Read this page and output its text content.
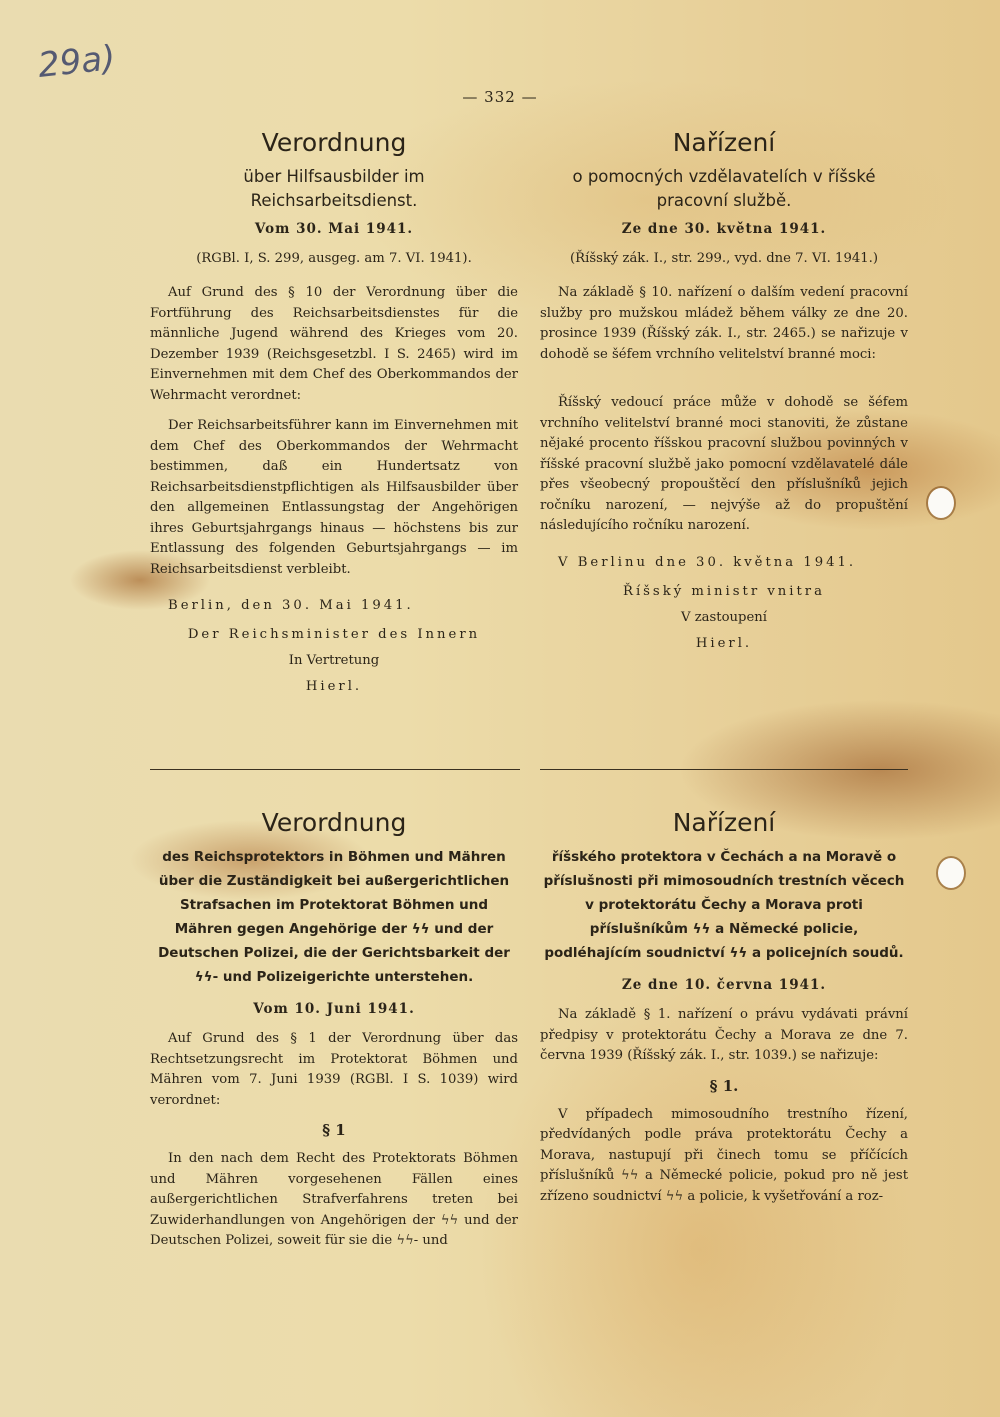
29a)
— 332 —
Verordnung
über Hilfsausbilder im Reichsarbeitsdienst.
Vom 30. Mai 1941.
(RGBl. I, S. 299, ausgeg. am 7. VI. 1941).

Auf Grund des § 10 der Verordnung über die Fortführung des Reichsarbeitsdienstes für die männliche Jugend während des Krieges vom 20. Dezember 1939 (Reichsgesetzbl. I S. 2465) wird im Einvernehmen mit dem Chef des Oberkommandos der Wehrmacht verordnet:

Der Reichsarbeitsführer kann im Einvernehmen mit dem Chef des Oberkommandos der Wehrmacht bestimmen, daß ein Hundertsatz von Reichsarbeitsdienstpflichtigen als Hilfsausbilder über den allgemeinen Entlassungstag der Angehörigen ihres Geburtsjahrgangs hinaus — höchstens bis zur Entlassung des folgenden Geburtsjahrgangs — im Reichsarbeitsdienst verbleibt.

Berlin, den 30. Mai 1941.
Der Reichsminister des Innern
In Vertretung
Hierl.
Nařízení
o pomocných vzdělavatelích v říšské pracovní službě.
Ze dne 30. května 1941.
(Říšský zák. I., str. 299., vyd. dne 7. VI. 1941.)

Na základě § 10. nařízení o dalším vedení pracovní služby pro mužskou mládež během války ze dne 20. prosince 1939 (Říšský zák. I., str. 2465.) se nařizuje v dohodě se šéfem vrchního velitelství branné moci:

Říšský vedoucí práce může v dohodě se šéfem vrchního velitelství branné moci stanoviti, že zůstane nějaké procento říšskou pracovní službou povinných v říšské pracovní službě jako pomocní vzdělavatelé dále přes všeobecný propouštěcí den příslušníků jejich ročníku narození, — nejvýše až do propuštění následujícího ročníku narození.

V Berlinu dne 30. května 1941.
Říšský ministr vnitra
V zastoupení
Hierl.
Verordnung
des Reichsprotektors in Böhmen und Mähren über die Zuständigkeit bei außergerichtlichen Strafsachen im Protektorat Böhmen und Mähren gegen Angehörige der ϟϟ und der Deutschen Polizei, die der Gerichtsbarkeit der ϟϟ- und Polizeigerichte unterstehen.
Vom 10. Juni 1941.

Auf Grund des § 1 der Verordnung über das Rechtsetzungsrecht im Protektorat Böhmen und Mähren vom 7. Juni 1939 (RGBl. I S. 1039) wird verordnet:

§ 1

In den nach dem Recht des Protektorats Böhmen und Mähren vorgesehenen Fällen eines außergerichtlichen Strafverfahrens treten bei Zuwiderhandlungen von Angehörigen der ϟϟ und der Deutschen Polizei, soweit für sie die ϟϟ- und

Nařízení
říšského protektora v Čechách a na Moravě o příslušnosti při mimosoudních trestních věcech v protektorátu Čechy a Morava proti příslušníkům ϟϟ a Německé policie, podléhajícím soudnictví ϟϟ a policejních soudů.
Ze dne 10. června 1941.

Na základě § 1. nařízení o právu vydávati právní předpisy v protektorátu Čechy a Morava ze dne 7. června 1939 (Říšský zák. I., str. 1039.) se nařizuje:

§ 1.

V případech mimosoudního trestního řízení, předvídaných podle práva protektorátu Čechy a Morava, nastupují při činech tomu se příčících příslušníků ϟϟ a Německé policie, pokud pro ně jest zřízeno soudnictví ϟϟ a policie, k vyšetřování a roz-
